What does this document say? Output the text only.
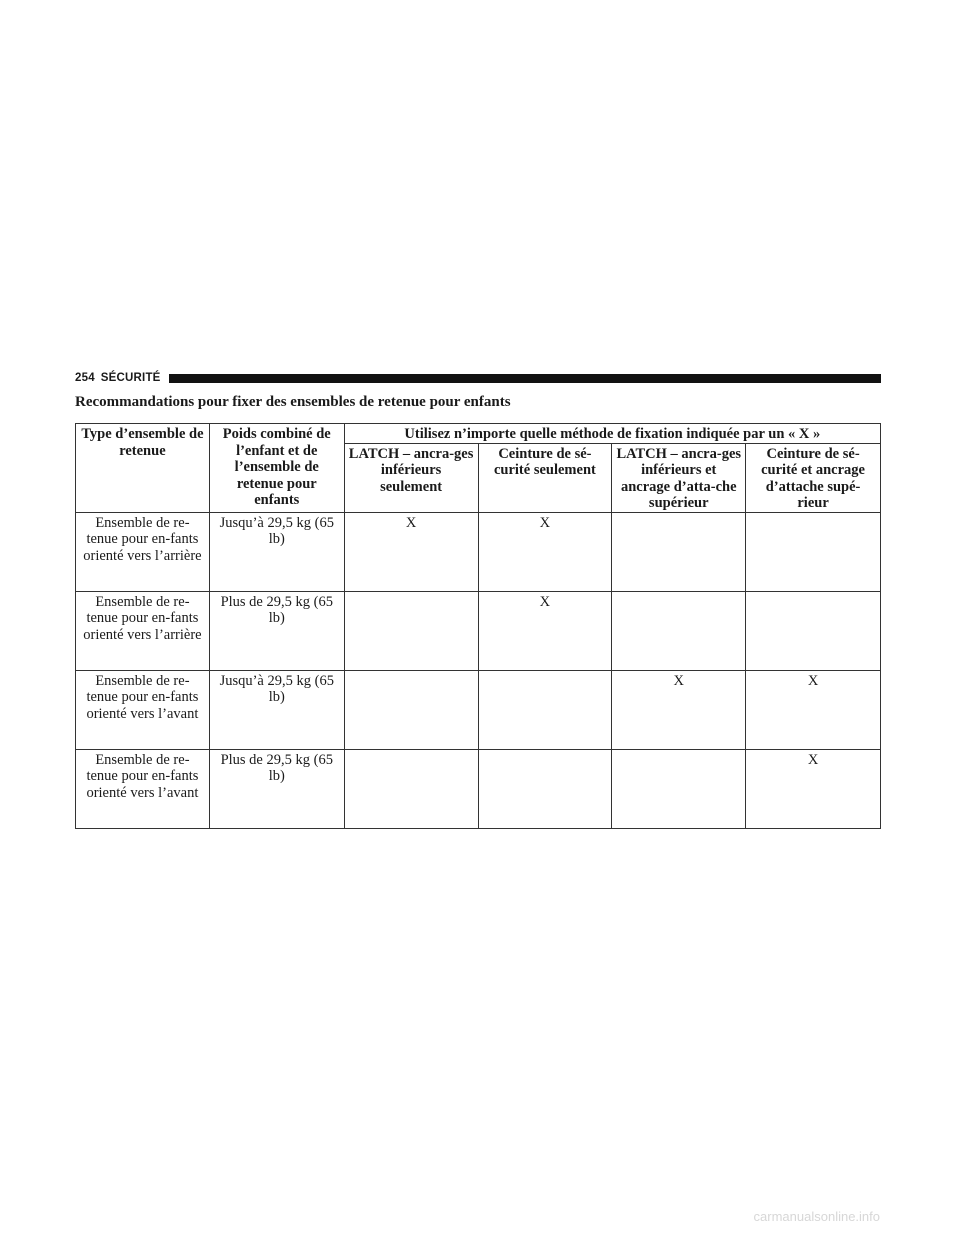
254 SÉCURITÉ
Recommandations pour fixer des ensembles de retenue pour enfants
Type d’ensemble de retenue	Poids combiné de l’enfant et de l’ensemble de retenue pour enfants	Utilisez n’importe quelle méthode de fixation indiquée par un « X »			
		LATCH – ancra-ges inférieurs seulement	Ceinture de sé-curité seulement	LATCH – ancra-ges inférieurs et ancrage d’atta-che supérieur	Ceinture de sé-curité et ancrage d’attache supé-rieur
Ensemble de re-tenue pour en-fants orienté vers l’arrière	Jusqu’à 29,5 kg (65 lb)	X	X		
Ensemble de re-tenue pour en-fants orienté vers l’arrière	Plus de 29,5 kg (65 lb)		X		
Ensemble de re-tenue pour en-fants orienté vers l’avant	Jusqu’à 29,5 kg (65 lb)			X	X
Ensemble de re-tenue pour en-fants orienté vers l’avant	Plus de 29,5 kg (65 lb)				X
carmanualsonline.info
